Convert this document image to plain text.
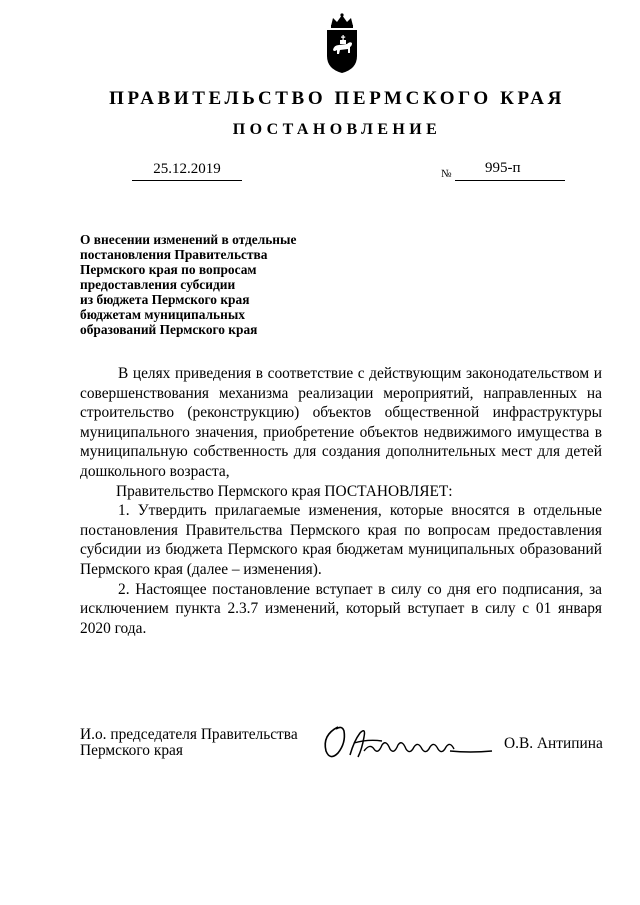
ПРАВИТЕЛЬСТВО ПЕРМСКОГО КРАЯ
ПОСТАНОВЛЕНИЕ
25.12.2019	№ 995-п
О внесении изменений в отдельные
постановления Правительства
Пермского края по вопросам
предоставления субсидии
из бюджета Пермского края
бюджетам муниципальных
образований Пермского края

В целях приведения в соответствие с действующим законодательством и совершенствования механизма реализации мероприятий, направленных на строительство (реконструкцию) объектов общественной инфраструктуры муниципального значения, приобретение объектов недвижимого имущества в муниципальную собственность для создания дополнительных мест для детей дошкольного возраста,

Правительство Пермского края ПОСТАНОВЛЯЕТ:

1. Утвердить прилагаемые изменения, которые вносятся в отдельные постановления Правительства Пермского края по вопросам предоставления субсидии из бюджета Пермского края бюджетам муниципальных образований Пермского края (далее – изменения).

2. Настоящее постановление вступает в силу со дня его подписания, за исключением пункта 2.3.7 изменений, который вступает в силу с 01 января 2020 года.

И.о. председателя Правительства
Пермского края	О.В. Антипина
